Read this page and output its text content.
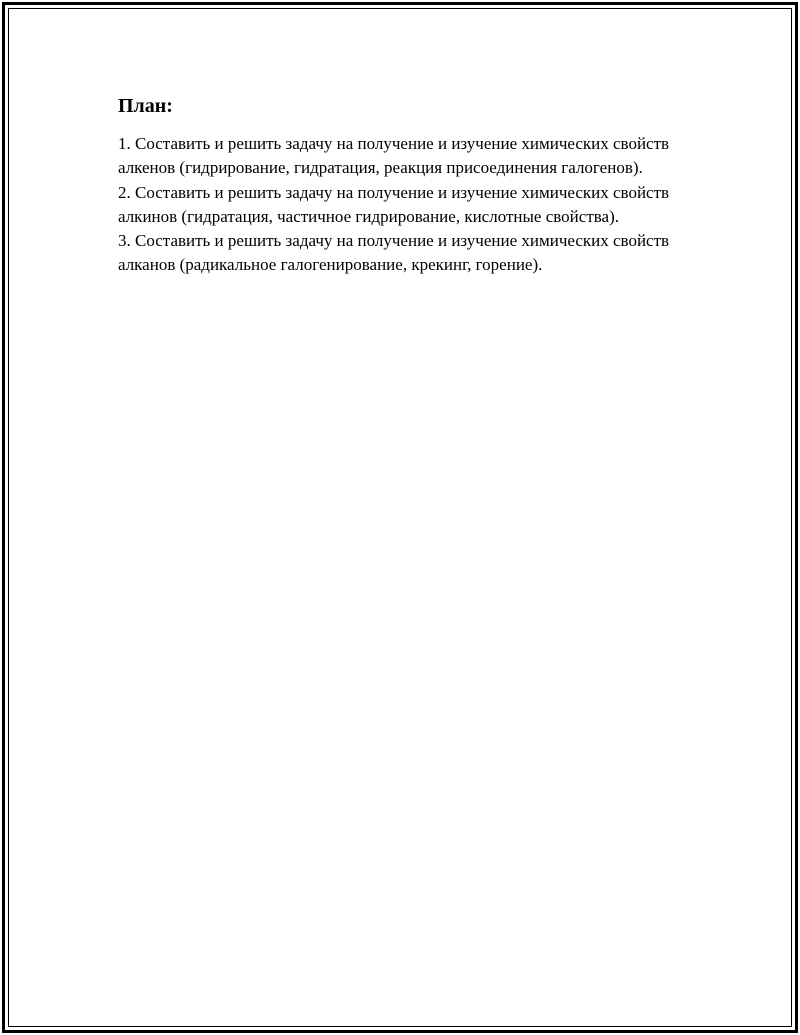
План:
1. Составить и решить задачу на получение и изучение химических свойств алкенов (гидрирование, гидратация, реакция присоединения галогенов).
2. Составить и решить задачу на получение и изучение химических свойств алкинов (гидратация, частичное гидрирование, кислотные свойства).
3. Составить и решить задачу на получение и изучение химических свойств алканов (радикальное галогенирование, крекинг, горение).
